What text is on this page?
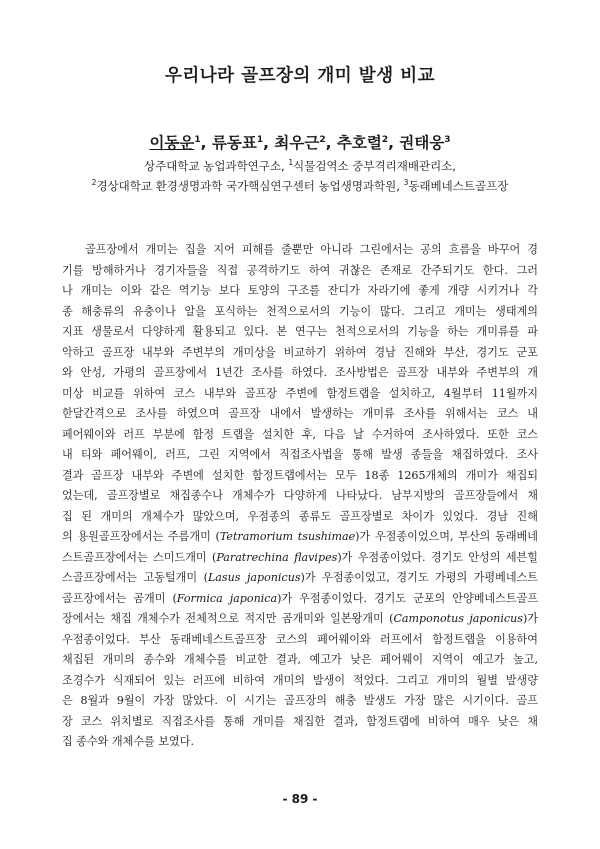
우리나라 골프장의 개미 발생 비교
이동운$^1$, 류동표$^1$, 최우근$^2$, 추호렬$^2$, 권태웅$^3$
상주대학교 농업과학연구소, $^1$식물검역소 중부격리재배관리소,
$^2$경상대학교 환경생명과학 국가핵심연구센터 농업생명과학원, $^3$동래베네스트골프장
골프장에서 개미는 집을 지어 피해를 줄뿐만 아니라 그린에서는 공의 흐름을 바꾸어 경
기를 방해하거나 경기자들을 직접 공격하기도 하여 귀찮은 존재로 간주되기도 한다. 그러
나 개미는 이와 같은 역기능 보다 토양의 구조를 잔디가 자라기에 좋게 개량 시키거나 각
종 해충류의 유충이나 알을 포식하는 천적으로서의 기능이 많다. 그리고 개미는 생태계의
지표 생물로서 다양하게 활용되고 있다. 본 연구는 천적으로서의 기능을 하는 개미류를 파
악하고 골프장 내부와 주변부의 개미상을 비교하기 위하여 경남 진해와 부산, 경기도 군포
와 안성, 가평의 골프장에서 1년간 조사를 하였다. 조사방법은 골프장 내부와 주변부의 개
미상 비교를 위하여 코스 내부와 골프장 주변에 함정트랩을 설치하고, 4월부터 11월까지
한달간격으로 조사를 하였으며 골프장 내에서 발생하는 개미류 조사를 위해서는 코스 내
페어웨이와 러프 부분에 함정 트랩을 설치한 후, 다음 날 수거하여 조사하였다. 또한 코스
내 티와 페어웨이, 러프, 그린 지역에서 직접조사법을 통해 발생 종들을 채집하였다. 조사
결과 골프장 내부와 주변에 설치한 함정트랩에서는 모두 18종 1265개체의 개미가 채집되
었는데, 골프장별로 채집종수나 개체수가 다양하게 나타났다. 남부지방의 골프장들에서 채
집 된 개미의 개체수가 많았으며, 우점종의 종류도 골프장별로 차이가 있었다. 경남 진해
의 용원골프장에서는 주름개미 (Tetramorium tsushimae)가 우점종이었으며, 부산의 동래베네
스트골프장에서는 스미드개미 (Paratrechina flavipes)가 우점종이었다. 경기도 안성의 세븐힐
스골프장에서는 고동털개미 (Lasus japonicus)가 우점종이었고, 경기도 가평의 가평베네스트
골프장에서는 곰개미 (Formica japonica)가 우점종이었다. 경기도 군포의 안양베네스트골프
장에서는 채집 개체수가 전체적으로 적지만 곰개미와 일본왕개미 (Camponotus japonicus)가
우점종이었다. 부산 동래베네스트골프장 코스의 페어웨이와 러프에서 함정트랩을 이용하여
채집된 개미의 종수와 개체수를 비교한 결과, 예고가 낮은 페어웨이 지역이 예고가 높고,
조경수가 식재되어 있는 러프에 비하여 개미의 발생이 적었다. 그리고 개미의 월별 발생량
은 8월과 9월이 가장 많았다. 이 시기는 골프장의 해충 발생도 가장 많은 시기이다. 골프
장 코스 위치별로 직접조사를 통해 개미를 채집한 결과, 함정트랩에 비하여 매우 낮은 채
집 종수와 개체수를 보였다.
- 89 -
